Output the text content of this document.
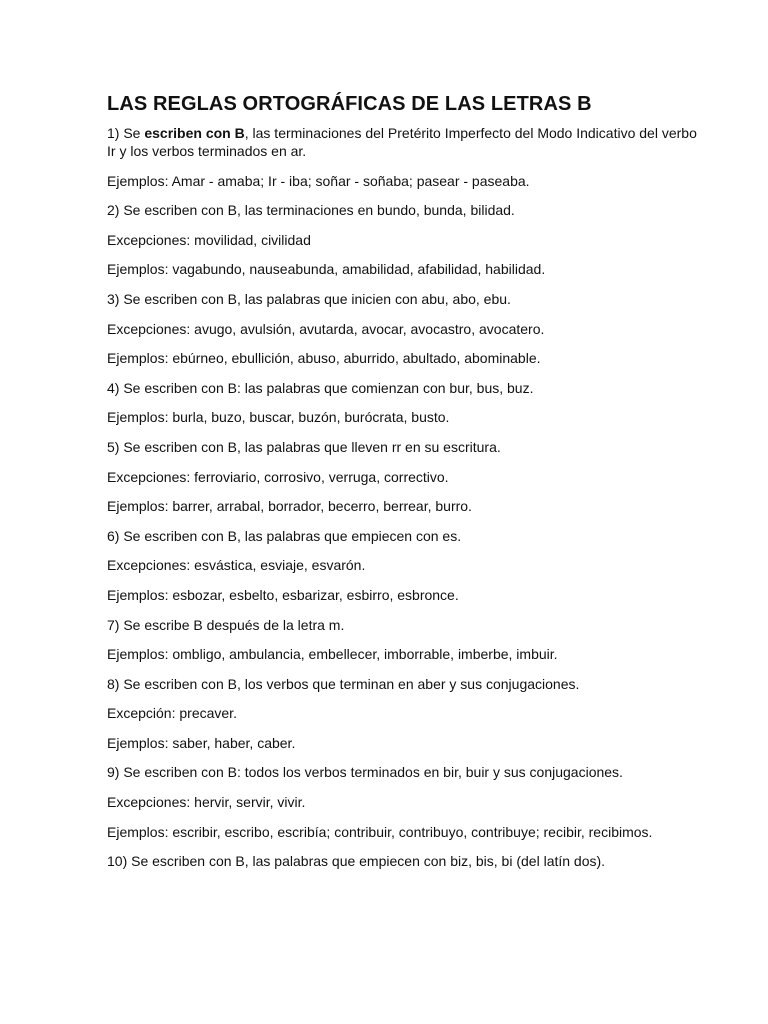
LAS REGLAS ORTOGRÁFICAS DE LAS LETRAS B

1) Se escriben con B, las terminaciones del Pretérito Imperfecto del Modo Indicativo del verbo Ir y los verbos terminados en ar.

Ejemplos: Amar - amaba; Ir - iba; soñar - soñaba; pasear - paseaba.

2) Se escriben con B, las terminaciones en bundo, bunda, bilidad.

Excepciones: movilidad, civilidad

Ejemplos: vagabundo, nauseabunda, amabilidad, afabilidad, habilidad.

3) Se escriben con B, las palabras que inicien con abu, abo, ebu.

Excepciones: avugo, avulsión, avutarda, avocar, avocastro, avocatero.

Ejemplos: ebúrneo, ebullición, abuso, aburrido, abultado, abominable.

4) Se escriben con B: las palabras que comienzan con bur, bus, buz.

Ejemplos: burla, buzo, buscar, buzón, burócrata, busto.

5) Se escriben con B, las palabras que lleven rr en su escritura.

Excepciones: ferroviario, corrosivo, verruga, correctivo.

Ejemplos: barrer, arrabal, borrador, becerro, berrear, burro.

6) Se escriben con B, las palabras que empiecen con es.

Excepciones: esvástica, esviaje, esvarón.

Ejemplos: esbozar, esbelto, esbarizar, esbirro, esbronce.

7) Se escribe B después de la letra m.

Ejemplos: ombligo, ambulancia, embellecer, imborrable, imberbe, imbuir.

8) Se escriben con B, los verbos que terminan en aber y sus conjugaciones.

Excepción: precaver.

Ejemplos: saber, haber, caber.

9) Se escriben con B: todos los verbos terminados en bir, buir y sus conjugaciones.

Excepciones: hervir, servir, vivir.

Ejemplos: escribir, escribo, escribía; contribuir, contribuyo, contribuye; recibir, recibimos.

10) Se escriben con B, las palabras que empiecen con biz, bis, bi (del latín dos).
